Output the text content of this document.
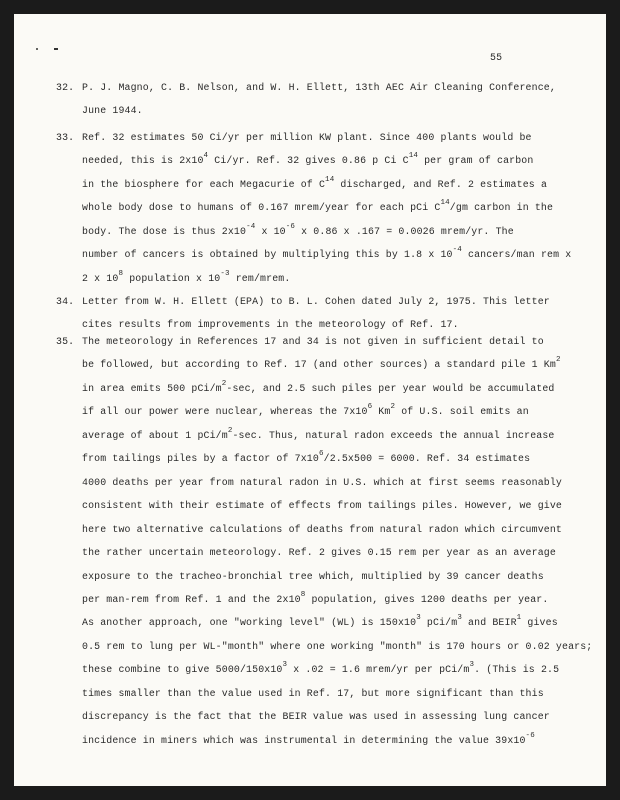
55
32. P. J. Magno, C. B. Nelson, and W. H. Ellett, 13th AEC Air Cleaning Conference,
June 1944.
33. Ref. 32 estimates 50 Ci/yr per million KW plant. Since 400 plants would be
needed, this is $2x10^4$ Ci/yr. Ref. 32 gives 0.86 p Ci $C^{14}$ per gram of carbon
in the biosphere for each Megacurie of $C^{14}$ discharged, and Ref. 2 estimates a
whole body dose to humans of 0.167 mrem/year for each pCi $C^{14}/gm$ carbon in the
body. The dose is thus $2x10^{-4}$ x $10^{-6}$ x 0.86 x .167 = 0.0026 mrem/yr. The
number of cancers is obtained by multiplying this by 1.8 x $10^{-4}$ cancers/man rem x
2 x $10^8$ population x $10^{-3}$ rem/mrem.
34. Letter from W. H. Ellett (EPA) to B. L. Cohen dated July 2, 1975. This letter
cites results from improvements in the meteorology of Ref. 17.
35. The meteorology in References 17 and 34 is not given in sufficient detail to
be followed, but according to Ref. 17 (and other sources) a standard pile 1 Km$^2$
in area emits 500 pCi/$m^2-\sec$, and 2.5 such piles per year would be accumulated
if all our power were nuclear, whereas the $7x10^6$ Km$^2$ of U.S. soil emits an
average of about 1 pCi/$m^2-\sec$. Thus, natural radon exceeds the annual increase
from tailings piles by a factor of $7x10^6/2.5x500 = 6000$. Ref. 34 estimates
4000 deaths per year from natural radon in U.S. which at first seems reasonably
consistent with their estimate of effects from tailings piles. However, we give
here two alternative calculations of deaths from natural radon which circumvent
the rather uncertain meteorology. Ref. 2 gives 0.15 rem per year as an average
exposure to the tracheo-bronchial tree which, multiplied by 39 cancer deaths
per man-rem from Ref. 1 and the $2x10^8$ population, gives 1200 deaths per year.
As another approach, one "working level" (WL) is $150x10^3$ pCi/$m^3$ and BEIR$^1$ gives
0.5 rem to lung per WL-"month" where one working "month" is 170 hours or 0.02 years;
these combine to give $5000/150x10^3$ x .02 = 1.6 mrem/yr per pCi/$m^3$. (This is 2.5
times smaller than the value used in Ref. 17, but more significant than this
discrepancy is the fact that the BEIR value was used in assessing lung cancer
incidence in miners which was instrumental in determining the value $39x10^{-6}$
